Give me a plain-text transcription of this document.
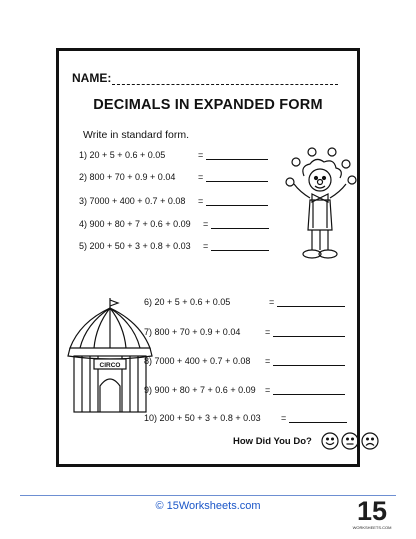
NAME:
DECIMALS IN EXPANDED FORM
Write in standard form.
1) 20 + 5 + 0.6 + 0.05	=
2) 800 + 70 + 0.9 + 0.04	=
3) 7000 + 400 + 0.7 + 0.08 =
4) 900 + 80 + 7 + 0.6 + 0.09 =
5) 200 + 50 + 3 + 0.8 + 0.03 =
6) 20 + 5 + 0.6 + 0.05	=
7) 800 + 70 + 0.9 + 0.04	=
8) 7000 + 400 + 0.7 + 0.08 =
9) 900 + 80 + 7 + 0.6 + 0.09 =
10) 200 + 50 + 3 + 0.8 + 0.03 =
CIRCO
How Did You Do?
© 15Worksheets.com	15
WORKSHEETS.COM
